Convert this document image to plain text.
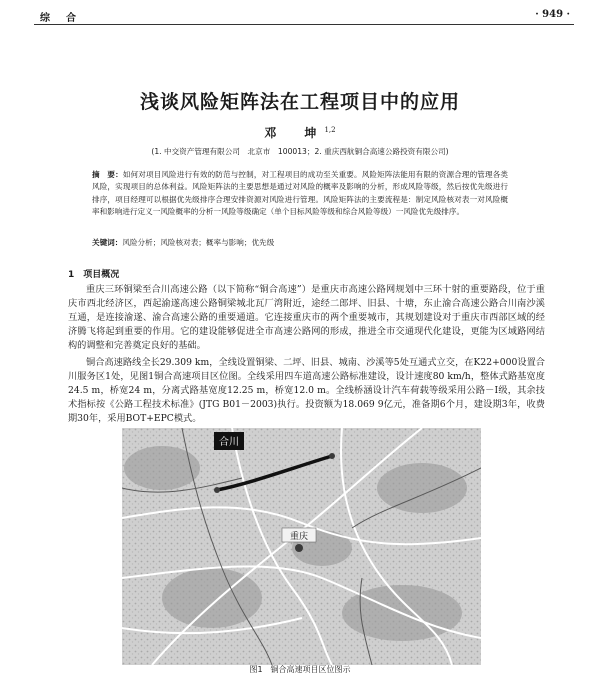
综合	· 949 ·
浅谈风险矩阵法在工程项目中的应用
邓　坤$^{1,2}$
(1. 中交资产管理有限公司　北京市　100013；2. 重庆西航铜合高速公路投资有限公司)
摘　要：如何对项目风险进行有效的防范与控制，对工程项目的成功至关重要。风险矩阵法能用有限的资源合理的管理各类风险，实现项目的总体利益。风险矩阵法的主要思想是通过对风险的概率及影响的分析，形成风险等级，然后按优先级进行排序，项目经理可以根据优先级排序合理安排资源对风险进行管理。风险矩阵法的主要流程是：制定风险核对表一对风险概率和影响进行定义一风险概率的分析一风险等级确定（单个目标风险等级和综合风险等级）一风险优先级排序。
关键词：风险分析；风险核对表；概率与影响；优先级
1　项目概况
重庆三环铜梁至合川高速公路（以下简称“铜合高速”）是重庆市高速公路网规划中三环十射的重要路段，位于重庆市西北经济区，西起渝遂高速公路铜梁城北瓦厂湾附近，途经二郎坪、旧县、十塘，东止渝合高速公路合川南沙溪互通，是连接渝遂、渝合高速公路的重要通道。它连接重庆市的两个重要城市，其规划建设对于重庆市西部区域的经济腾飞将起到重要的作用。它的建设能够促进全市高速公路网的形成，推进全市交通现代化建设，更能为区域路网结构的调整和完善奠定良好的基础。
铜合高速路线全长29.309 km，全线设置铜梁、二坪、旧县、城南、沙溪等5处互通式立交，在K22+000设置合川服务区1处，见图1铜合高速项目区位图。全线采用四车道高速公路标准建设，设计速度80 km/h，整体式路基宽度24.5 m，桥宽24 m，分离式路基宽度12.25 m，桥宽12.0 m。全线桥涵设计汽车荷载等级采用公路－Ⅰ级，其余技术指标按《公路工程技术标准》(JTG B01－2003)执行。投资额为18.069 9亿元，准备期6个月，建设期3年，收费期30年，采用BOT+EPC模式。
合川
重庆
图1　铜合高速项目区位图示
